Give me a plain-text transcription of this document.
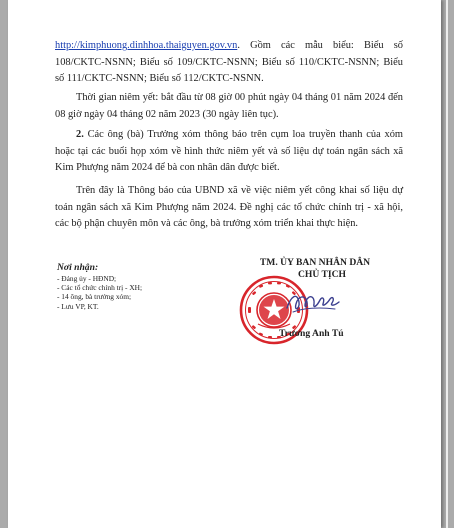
http://kimphuong.dinhhoa.thaiguyen.gov.vn. Gồm các mẫu biểu: Biểu số 108/CKTC-NSNN; Biểu số 109/CKTC-NSNN; Biểu số 110/CKTC-NSNN; Biểu số 111/CKTC-NSNN; Biểu số 112/CKTC-NSNN.

Thời gian niêm yết: bắt đầu từ 08 giờ 00 phút ngày 04 tháng 01 năm 2024 đến 08 giờ ngày 04 tháng 02 năm 2023 (30 ngày liên tục).

2. Các ông (bà) Trưởng xóm thông báo trên cụm loa truyền thanh của xóm hoặc tại các buổi họp xóm về hình thức niêm yết và số liệu dự toán ngân sách xã Kim Phượng năm 2024 để bà con nhân dân được biết.

Trên đây là Thông báo của UBND xã về việc niêm yết công khai số liệu dự toán ngân sách xã Kim Phượng năm 2024. Đề nghị các tổ chức chính trị - xã hội, các bộ phận chuyên môn và các ông, bà trưởng xóm triển khai thực hiện.

Nơi nhận:
- Đảng ủy - HĐND;
- Các tổ chức chính trị - XH;
- 14 ông, bà trưởng xóm;
- Lưu VP, KT.
TM. ỦY BAN NHÂN DÂN
CHỦ TỊCH
Trương Anh Tú
